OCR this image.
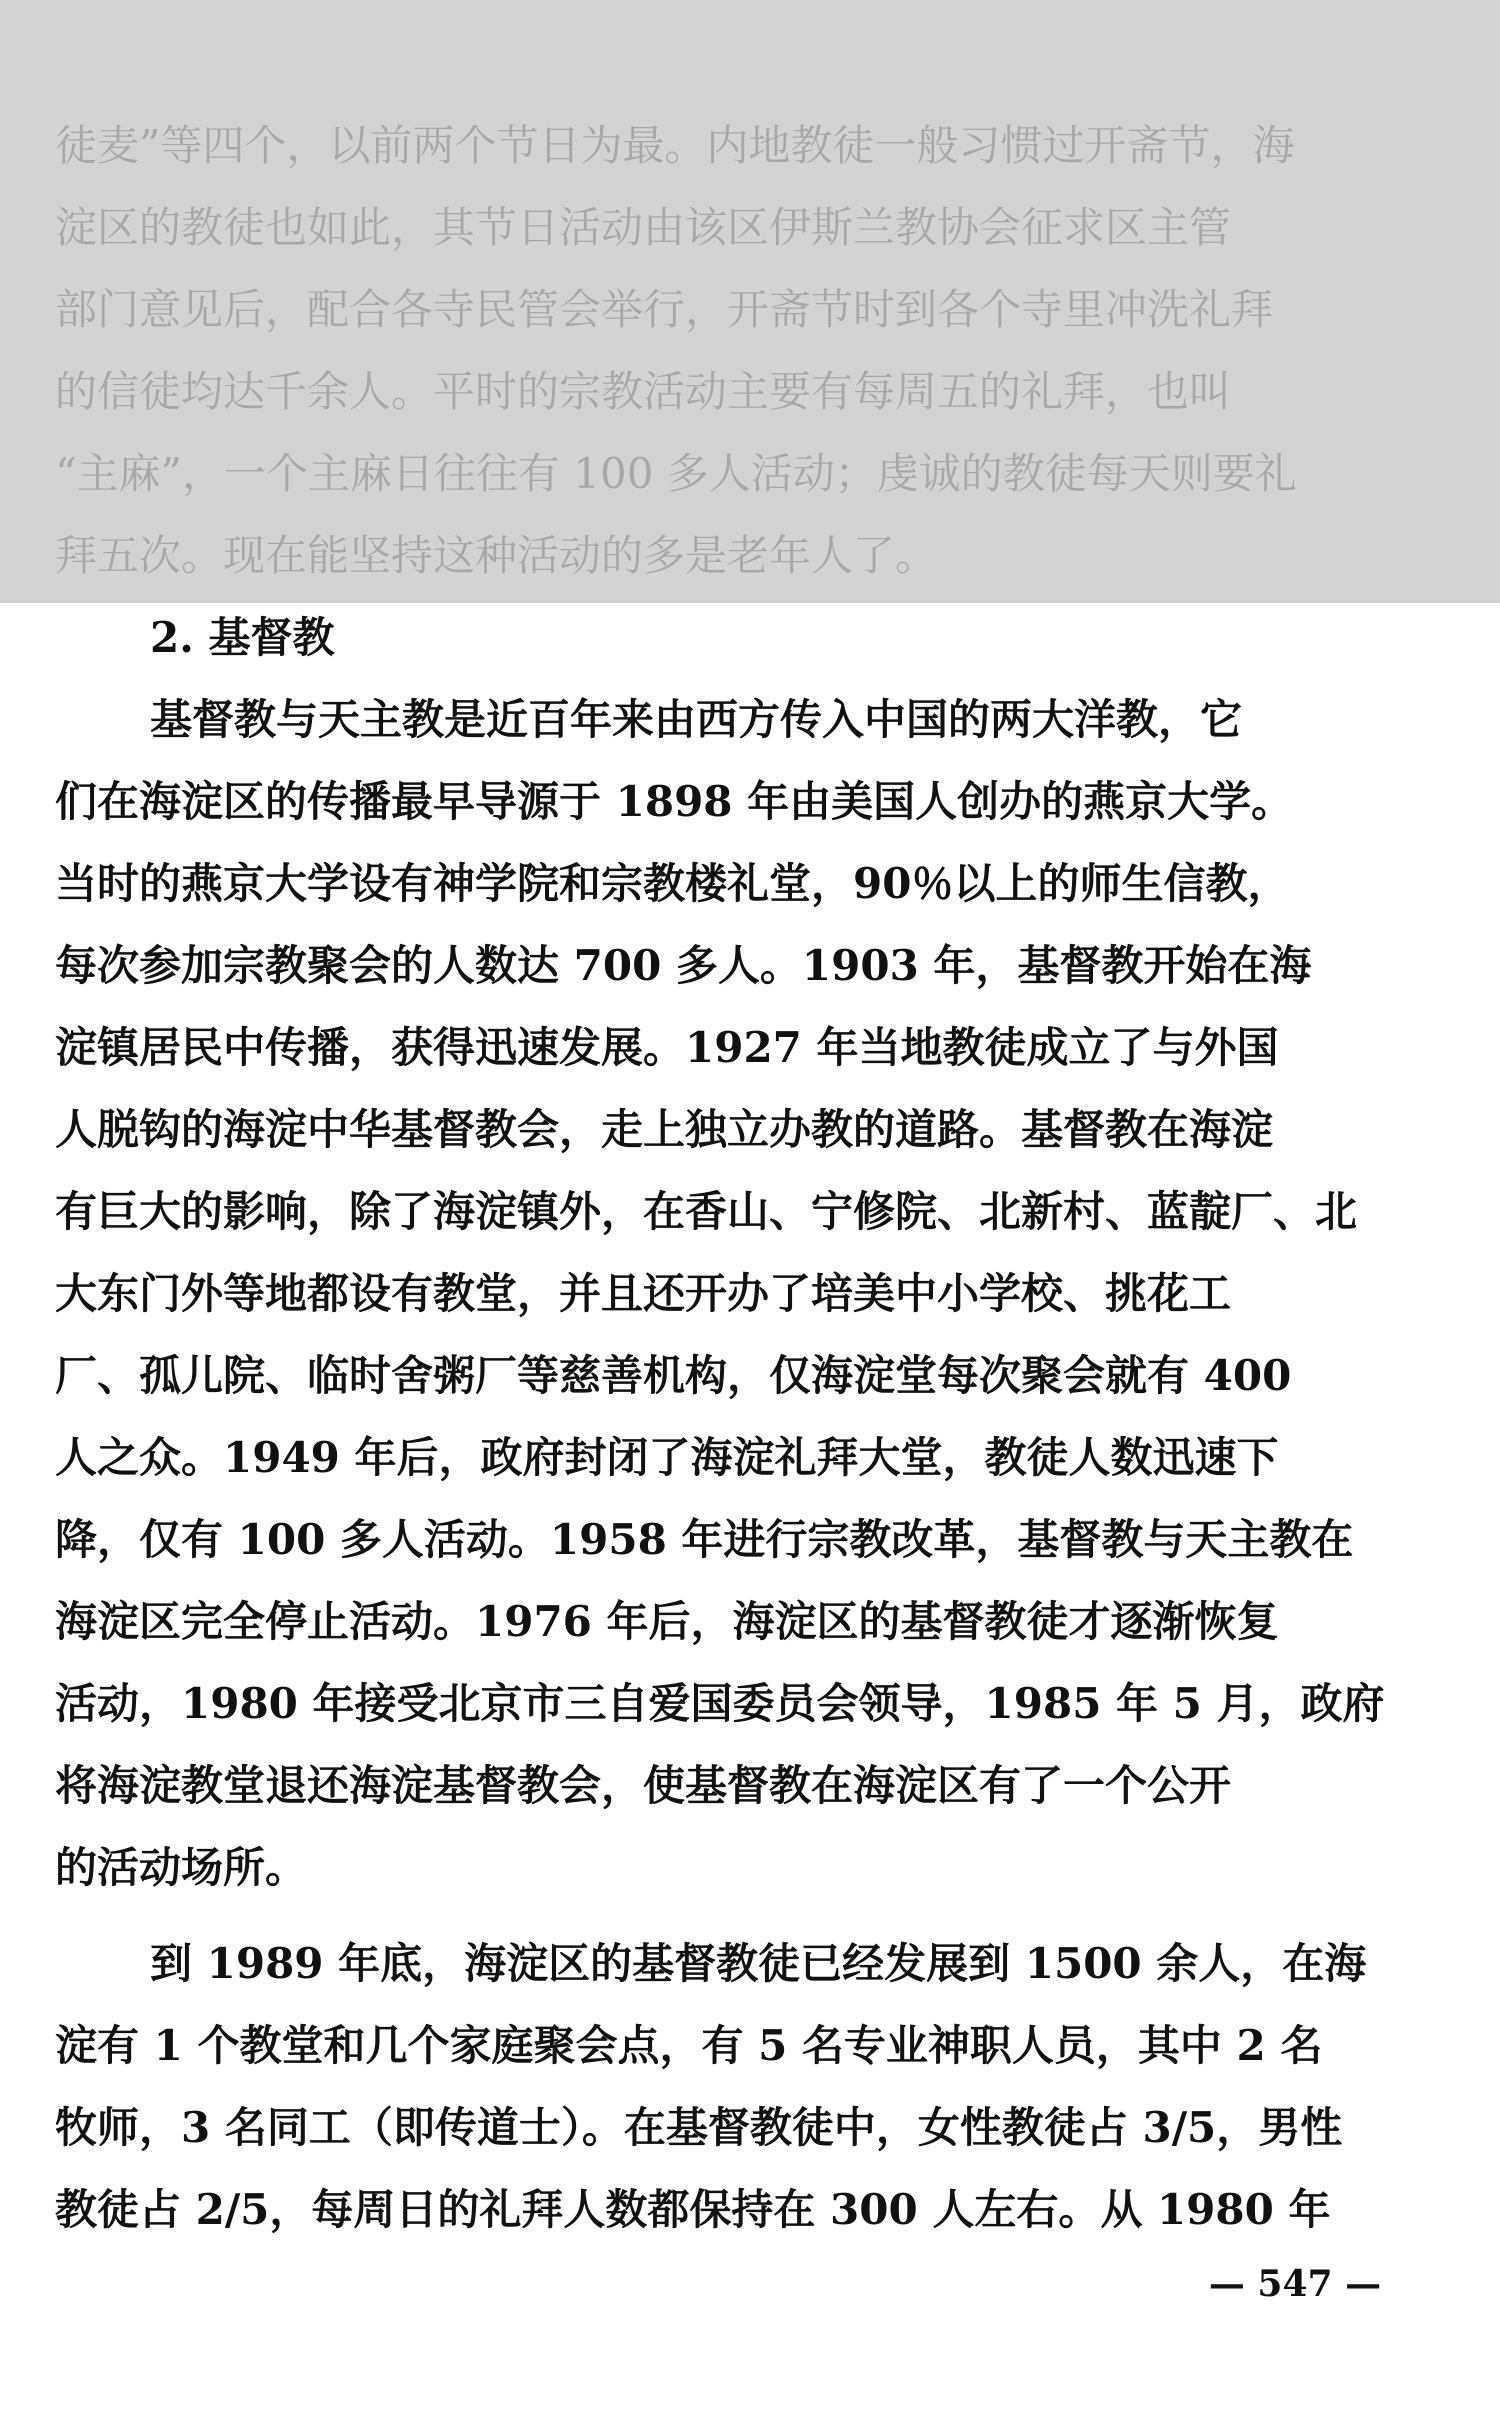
徒麦”等四个，以前两个节日为最。内地教徒一般习惯过开斋节，海
淀区的教徒也如此，其节日活动由该区伊斯兰教协会征求区主管
部门意见后，配合各寺民管会举行，开斋节时到各个寺里冲洗礼拜
的信徒均达千余人。平时的宗教活动主要有每周五的礼拜，也叫
“主麻”，一个主麻日往往有 100 多人活动；虔诚的教徒每天则要礼
拜五次。现在能坚持这种活动的多是老年人了。
2. 基督教
基督教与天主教是近百年来由西方传入中国的两大洋教，它
们在海淀区的传播最早导源于 1898 年由美国人创办的燕京大学。
当时的燕京大学设有神学院和宗教楼礼堂，90％以上的师生信教，
每次参加宗教聚会的人数达 700 多人。1903 年，基督教开始在海
淀镇居民中传播，获得迅速发展。1927 年当地教徒成立了与外国
人脱钩的海淀中华基督教会，走上独立办教的道路。基督教在海淀
有巨大的影响，除了海淀镇外，在香山、宁修院、北新村、蓝靛厂、北
大东门外等地都设有教堂，并且还开办了培美中小学校、挑花工
厂、孤儿院、临时舍粥厂等慈善机构，仅海淀堂每次聚会就有 400
人之众。1949 年后，政府封闭了海淀礼拜大堂，教徒人数迅速下
降，仅有 100 多人活动。1958 年进行宗教改革，基督教与天主教在
海淀区完全停止活动。1976 年后，海淀区的基督教徒才逐渐恢复
活动，1980 年接受北京市三自爱国委员会领导，1985 年 5 月，政府
将海淀教堂退还海淀基督教会，使基督教在海淀区有了一个公开
的活动场所。
到 1989 年底，海淀区的基督教徒已经发展到 1500 余人，在海
淀有 1 个教堂和几个家庭聚会点，有 5 名专业神职人员，其中 2 名
牧师，3 名同工（即传道士）。在基督教徒中，女性教徒占 3/5，男性
教徒占 2/5，每周日的礼拜人数都保持在 300 人左右。从 1980 年
— 547 —
